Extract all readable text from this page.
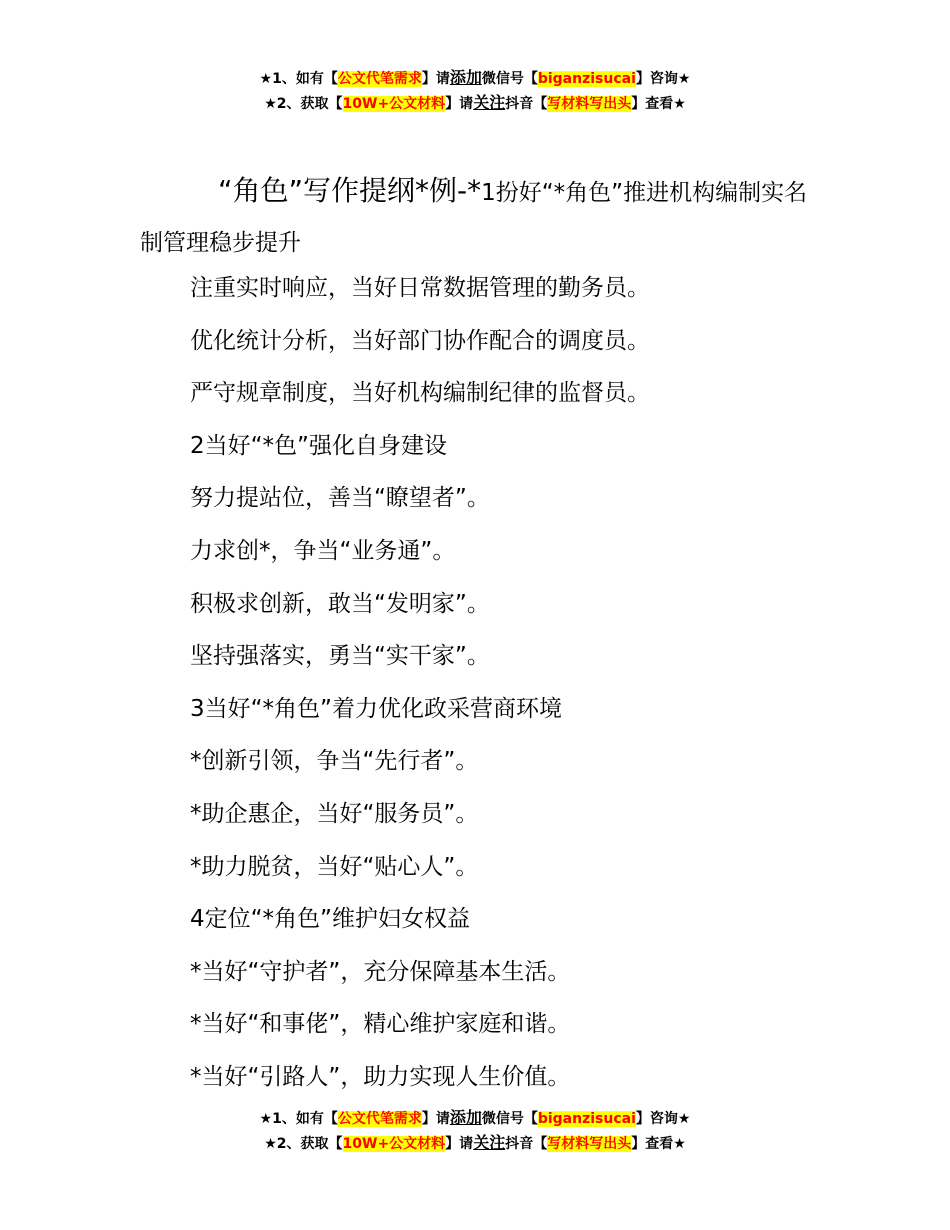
★1、如有【公文代笔需求】请添加微信号【biganzisucai】咨询★
★2、获取【10W+公文材料】请关注抖音【写材料写出头】查看★
“角色”写作提纲*例-*1扮好“*角色”推进机构编制实名制管理稳步提升
注重实时响应，当好日常数据管理的勤务员。
优化统计分析，当好部门协作配合的调度员。
严守规章制度，当好机构编制纪律的监督员。
2当好“*色”强化自身建设
努力提站位，善当“瞭望者”。
力求创*，争当“业务通”。
积极求创新，敢当“发明家”。
坚持强落实，勇当“实干家”。
3当好“*角色”着力优化政采营商环境
*创新引领，争当“先行者”。
*助企惠企，当好“服务员”。
*助力脱贫，当好“贴心人”。
4定位“*角色”维护妇女权益
*当好“守护者”，充分保障基本生活。
*当好“和事佬”，精心维护家庭和谐。
*当好“引路人”，助力实现人生价值。
★1、如有【公文代笔需求】请添加微信号【biganzisucai】咨询★
★2、获取【10W+公文材料】请关注抖音【写材料写出头】查看★
